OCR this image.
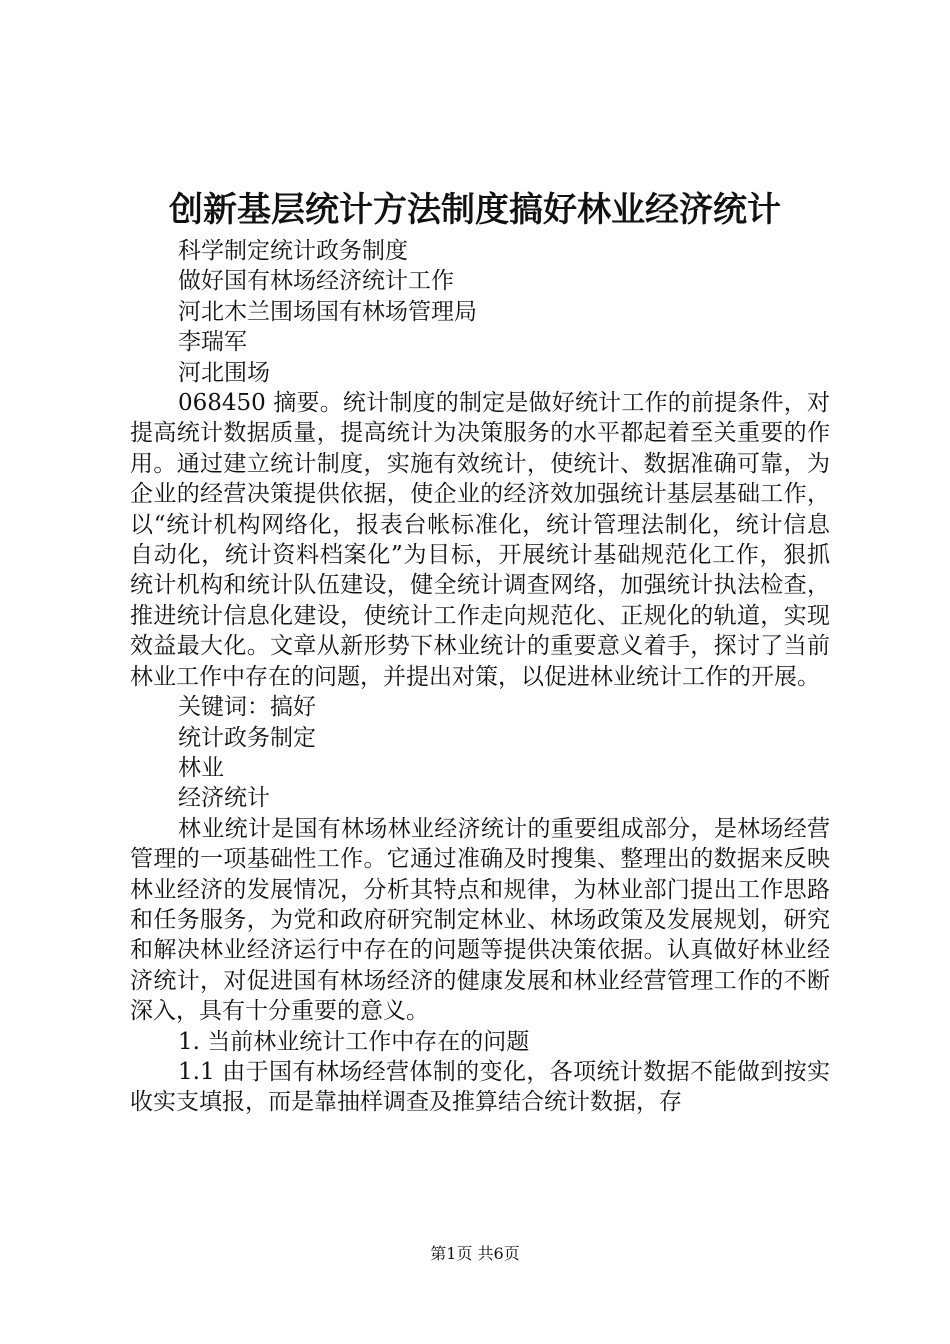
创新基层统计方法制度搞好林业经济统计

科学制定统计政务制度

做好国有林场经济统计工作

河北木兰围场国有林场管理局

李瑞军

河北围场

068450 摘要。统计制度的制定是做好统计工作的前提条件，对提高统计数据质量，提高统计为决策服务的水平都起着至关重要的作用。通过建立统计制度，实施有效统计，使统计、数据准确可靠，为企业的经营决策提供依据，使企业的经济效加强统计基层基础工作，以“统计机构网络化，报表台帐标准化，统计管理法制化，统计信息自动化，统计资料档案化”为目标，开展统计基础规范化工作，狠抓统计机构和统计队伍建设，健全统计调查网络，加强统计执法检查，推进统计信息化建设，使统计工作走向规范化、正规化的轨道，实现效益最大化。文章从新形势下林业统计的重要意义着手，探讨了当前林业工作中存在的问题，并提出对策，以促进林业统计工作的开展。

关键词：搞好

统计政务制定

林业

经济统计

林业统计是国有林场林业经济统计的重要组成部分，是林场经营管理的一项基础性工作。它通过准确及时搜集、整理出的数据来反映林业经济的发展情况，分析其特点和规律，为林业部门提出工作思路和任务服务，为党和政府研究制定林业、林场政策及发展规划，研究和解决林业经济运行中存在的问题等提供决策依据。认真做好林业经济统计，对促进国有林场经济的健康发展和林业经营管理工作的不断深入，具有十分重要的意义。

1. 当前林业统计工作中存在的问题

1.1 由于国有林场经营体制的变化，各项统计数据不能做到按实收实支填报，而是靠抽样调查及推算结合统计数据，存

第1页 共6页
